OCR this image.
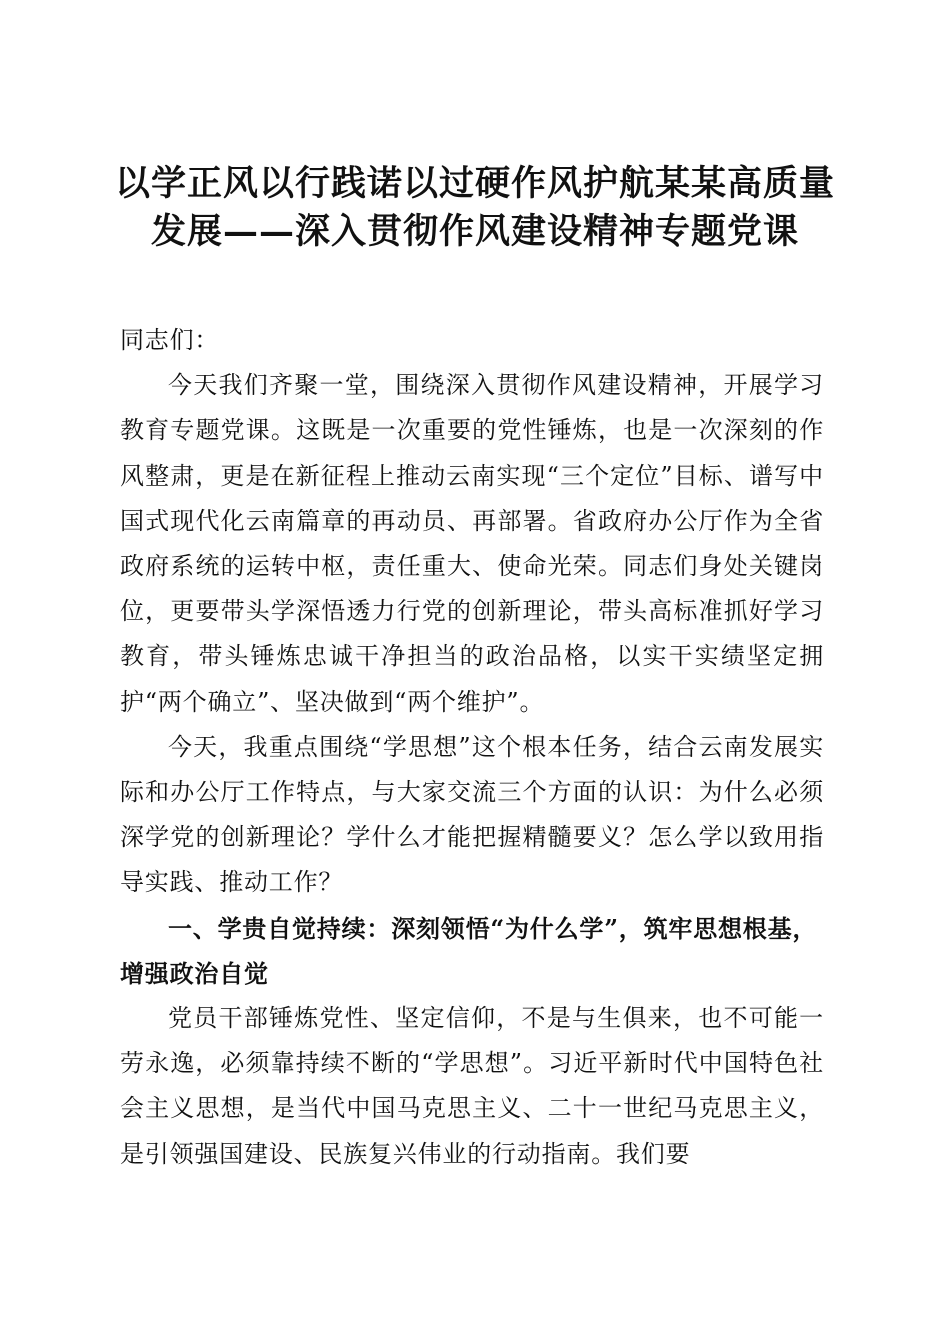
以学正风以行践诺以过硬作风护航某某高质量
发展——深入贯彻作风建设精神专题党课

同志们：

今天我们齐聚一堂，围绕深入贯彻作风建设精神，开展学习教育专题党课。这既是一次重要的党性锤炼，也是一次深刻的作风整肃，更是在新征程上推动云南实现“三个定位”目标、谱写中国式现代化云南篇章的再动员、再部署。省政府办公厅作为全省政府系统的运转中枢，责任重大、使命光荣。同志们身处关键岗位，更要带头学深悟透力行党的创新理论，带头高标准抓好学习教育，带头锤炼忠诚干净担当的政治品格，以实干实绩坚定拥护“两个确立”、坚决做到“两个维护”。

今天，我重点围绕“学思想”这个根本任务，结合云南发展实际和办公厅工作特点，与大家交流三个方面的认识：为什么必须深学党的创新理论？学什么才能把握精髓要义？怎么学以致用指导实践、推动工作？

一、学贵自觉持续：深刻领悟“为什么学”，筑牢思想根基，增强政治自觉

党员干部锤炼党性、坚定信仰，不是与生俱来，也不可能一劳永逸，必须靠持续不断的“学思想”。习近平新时代中国特色社会主义思想，是当代中国马克思主义、二十一世纪马克思主义，是引领强国建设、民族复兴伟业的行动指南。我们要
